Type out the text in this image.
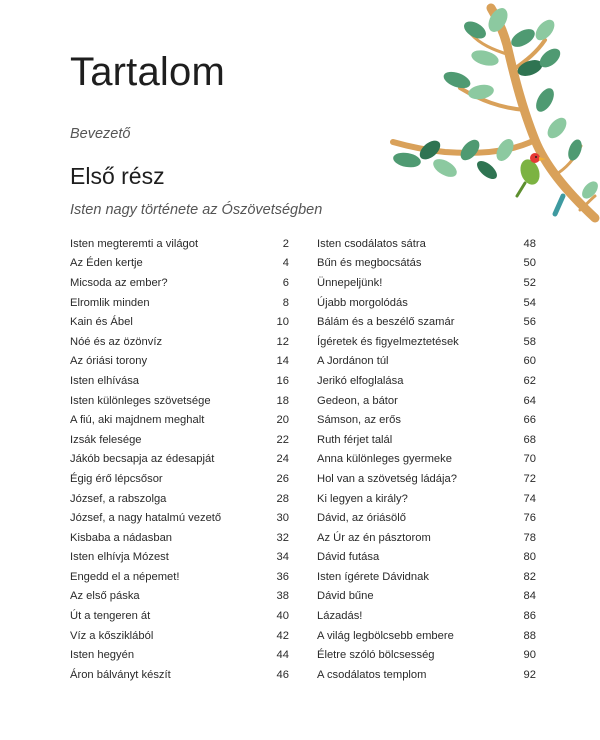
Tartalom
Bevezető
Első rész
Isten nagy története az Ószövetségben
Isten megteremti a világot	2
Az Éden kertje	4
Micsoda az ember?	6
Elromlik minden	8
Kain és Ábel	10
Nóé és az özönvíz	12
Az óriási torony	14
Isten elhívása	16
Isten különleges szövetsége	18
A fiú, aki majdnem meghalt	20
Izsák felesége	22
Jákób becsapja az édesapját	24
Égig érő lépcsősor	26
József, a rabszolga	28
József, a nagy hatalmú vezető	30
Kisbaba a nádasban	32
Isten elhívja Mózest	34
Engedd el a népemet!	36
Az első páska	38
Út a tengeren át	40
Víz a kősziklából	42
Isten hegyén	44
Áron bálványt készít	46
Isten csodálatos sátra	48
Bűn és megbocsátás	50
Ünnepeljünk!	52
Újabb morgolódás	54
Bálám és a beszélő szamár	56
Ígéretek és figyelmeztetések	58
A Jordánon túl	60
Jerikó elfoglalása	62
Gedeon, a bátor	64
Sámson, az erős	66
Ruth férjet talál	68
Anna különleges gyermeke	70
Hol van a szövetség ládája?	72
Ki legyen a király?	74
Dávid, az óriásölő	76
Az Úr az én pásztorom	78
Dávid futása	80
Isten ígérete Dávidnak	82
Dávid bűne	84
Lázadás!	86
A világ legbölcsebb embere	88
Életre szóló bölcsesség	90
A csodálatos templom	92
